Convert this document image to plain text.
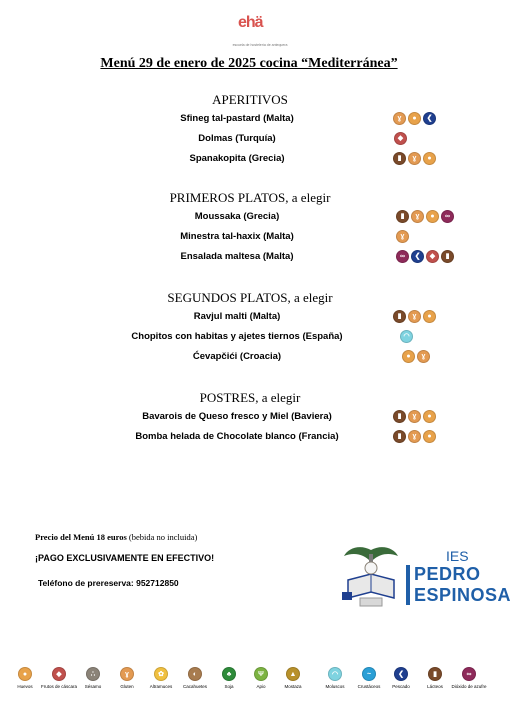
ehä
escuela de hostelería de antequera
Menú 29 de enero de 2025 cocina “Mediterránea”
APERITIVOS
Sfineg tal-pastard (Malta)	ɣ	●	❮
Dolmas (Turquía)	◆
Spanakopita (Grecia)	▮	ɣ	●
PRIMEROS PLATOS, a elegir
Moussaka (Grecia)	▮	ɣ	●	∞
Minestra tal-haxix (Malta)	ɣ
Ensalada maltesa (Malta)	∞	❮	◆	▮
SEGUNDOS PLATOS, a elegir
Ravjul malti (Malta)	▮	ɣ	●
Chopitos con habitas y ajetes tiernos (España)	◠
Ćevapčići (Croacia)	●	ɣ
POSTRES, a elegir
Bavarois de Queso fresco y Miel (Baviera)	▮	ɣ	●
Bomba helada de Chocolate blanco (Francia)	▮	ɣ	●
Precio del Menú 18 euros (bebida no incluida)
¡PAGO EXCLUSIVAMENTE EN EFECTIVO!
Teléfono de prereserva: 952712850
IES
PEDRO
ESPINOSA
●
Huevos
◆
Frutos de cáscara
∴
Sésamo
ɣ
Gluten
✿
Altramuces
◐
Cacahuetes
♣
Soja
Ψ
Apio
▲
Mostaza
◠
Moluscos
~
Crustáceos
❮
Pescado
▮
Lácteos
∞
Dióxido de azufre
